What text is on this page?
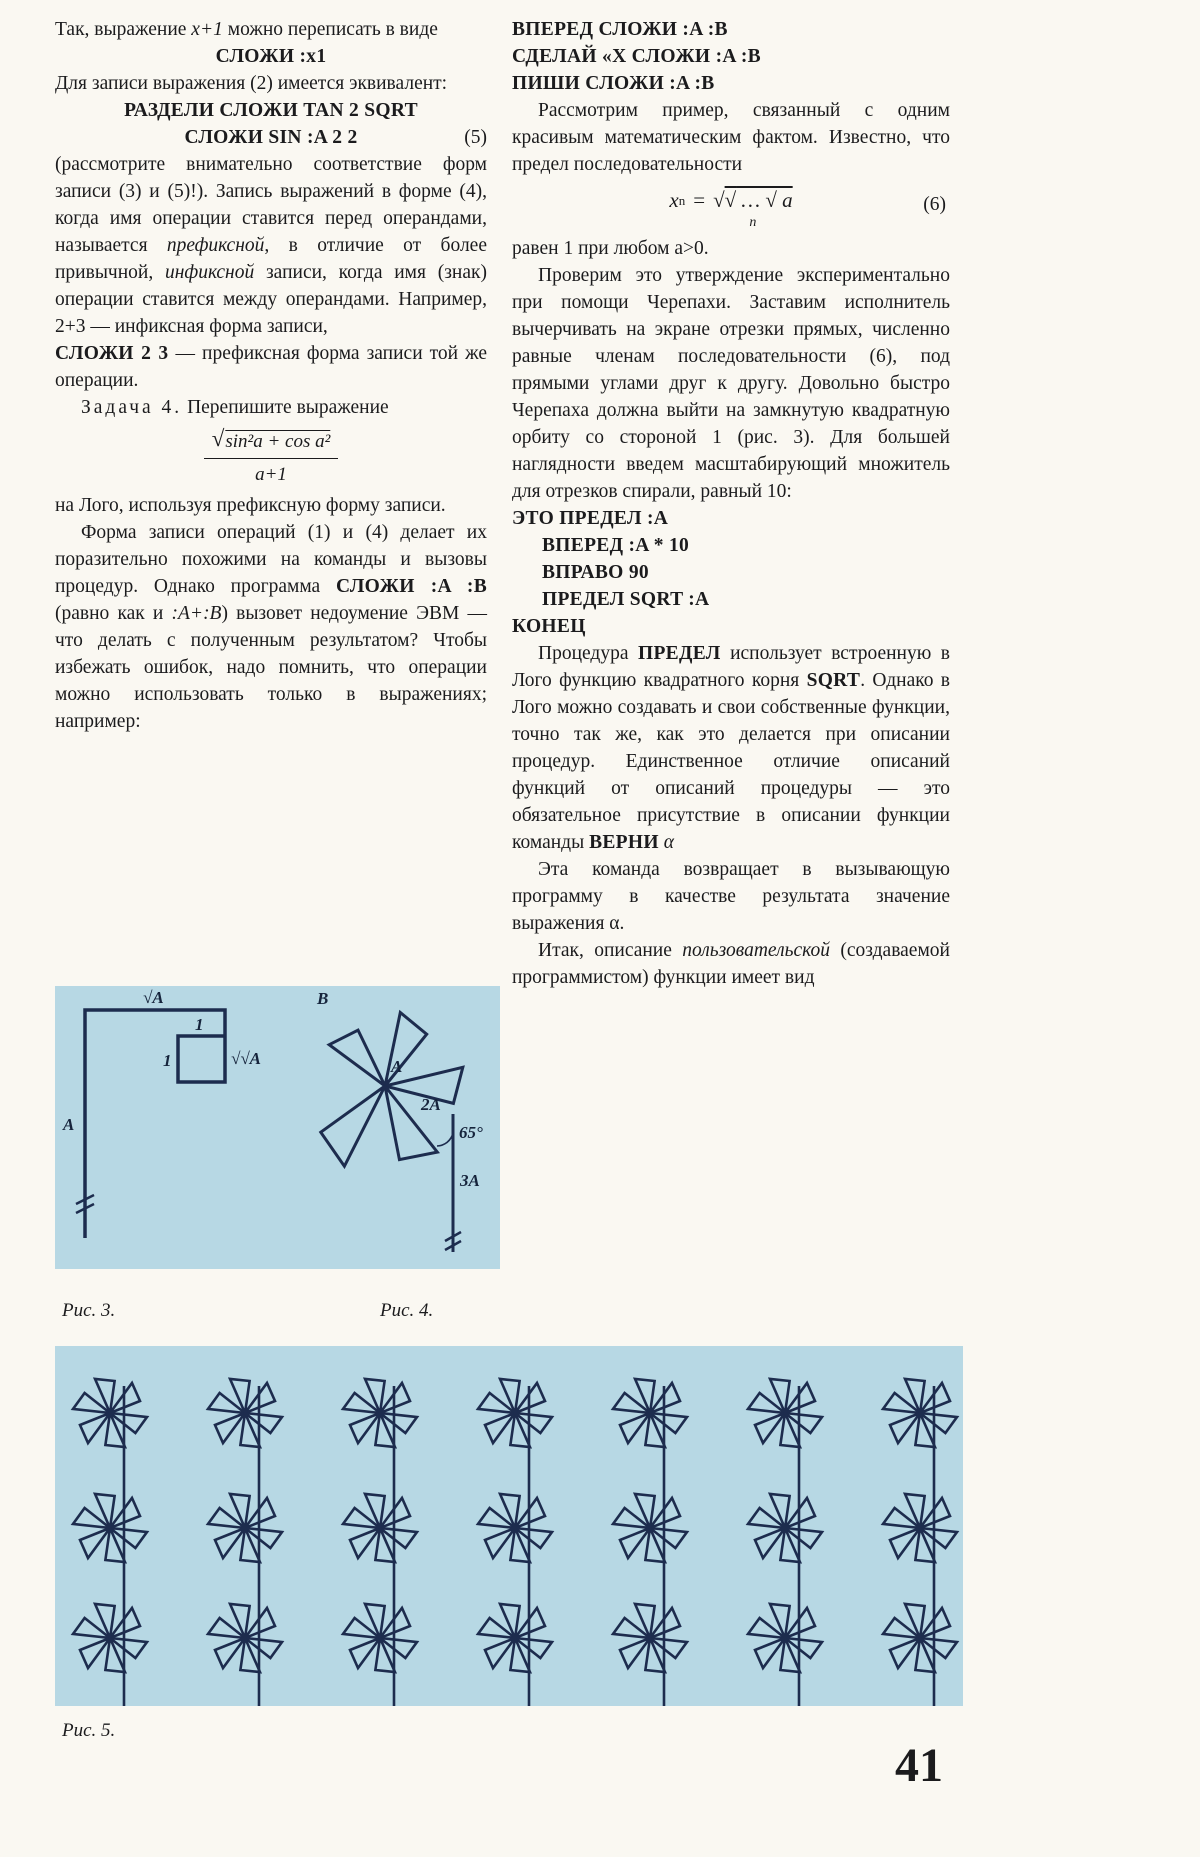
Так, выражение x+1 можно переписать в виде

СЛОЖИ :x1

Для записи выражения (2) имеется эквивалент:

РАЗДЕЛИ СЛОЖИ TAN 2 SQRT

СЛОЖИ SIN :A 2 2	(5)

(рассмотрите внимательно соответствие форм записи (3) и (5)!). Запись выражений в форме (4), когда имя операции ставится перед операндами, называется префиксной, в отличие от более привычной, инфиксной записи, когда имя (знак) операции ставится между операндами. Например, 2+3 — инфиксная форма записи,

СЛОЖИ 2 3 — префиксная форма записи той же операции.

Задача 4. Перепишите выражение

$\frac{\text{√ sin²a + cos a²}}{a+1}$

на Лого, используя префиксную форму записи.

Форма записи операций (1) и (4) делает их поразительно похожими на команды и вызовы процедур. Однако программа СЛОЖИ :A :B (равно как и :A+:B) вызовет недоумение ЭВМ — что делать с полученным результатом? Чтобы избежать ошибок, надо помнить, что операции можно использовать только в выражениях; например:

ВПЕРЕД СЛОЖИ :A :B

СДЕЛАЙ «X СЛОЖИ :A :B

ПИШИ СЛОЖИ :A :B

Рассмотрим пример, связанный с одним красивым математическим фактом. Известно, что предел последовательности

x n = √√ … √ a
n
(6)

равен 1 при любом a>0.

Проверим это утверждение экспериментально при помощи Черепахи. Заставим исполнитель вычерчивать на экране отрезки прямых, численно равные членам последовательности (6), под прямыми углами друг к другу. Довольно быстро Черепаха должна выйти на замкнутую квадратную орбиту со стороной 1 (рис. 3). Для большей наглядности введем масштабирующий множитель для отрезков спирали, равный 10:

ЭТО ПРЕДЕЛ :A

ВПЕРЕД :A * 10

ВПРАВО 90

ПРЕДЕЛ SQRT :A

КОНЕЦ

Процедура ПРЕДЕЛ использует встроенную в Лого функцию квадратного корня SQRT. Однако в Лого можно создавать и свои собственные функции, точно так же, как это делается при описании процедур. Единственное отличие описаний функций от описаний процедуры — это обязательное присутствие в описании функции команды ВЕРНИ α

Эта команда возвращает в вызывающую программу в качестве результата значение выражения α.

Итак, описание пользовательской (создаваемой программистом) функции имеет вид

√A
1
1	√√A
A
B
A
2A
65°
3A
Рис. 3.	Рис. 4.
Рис. 5.
41
